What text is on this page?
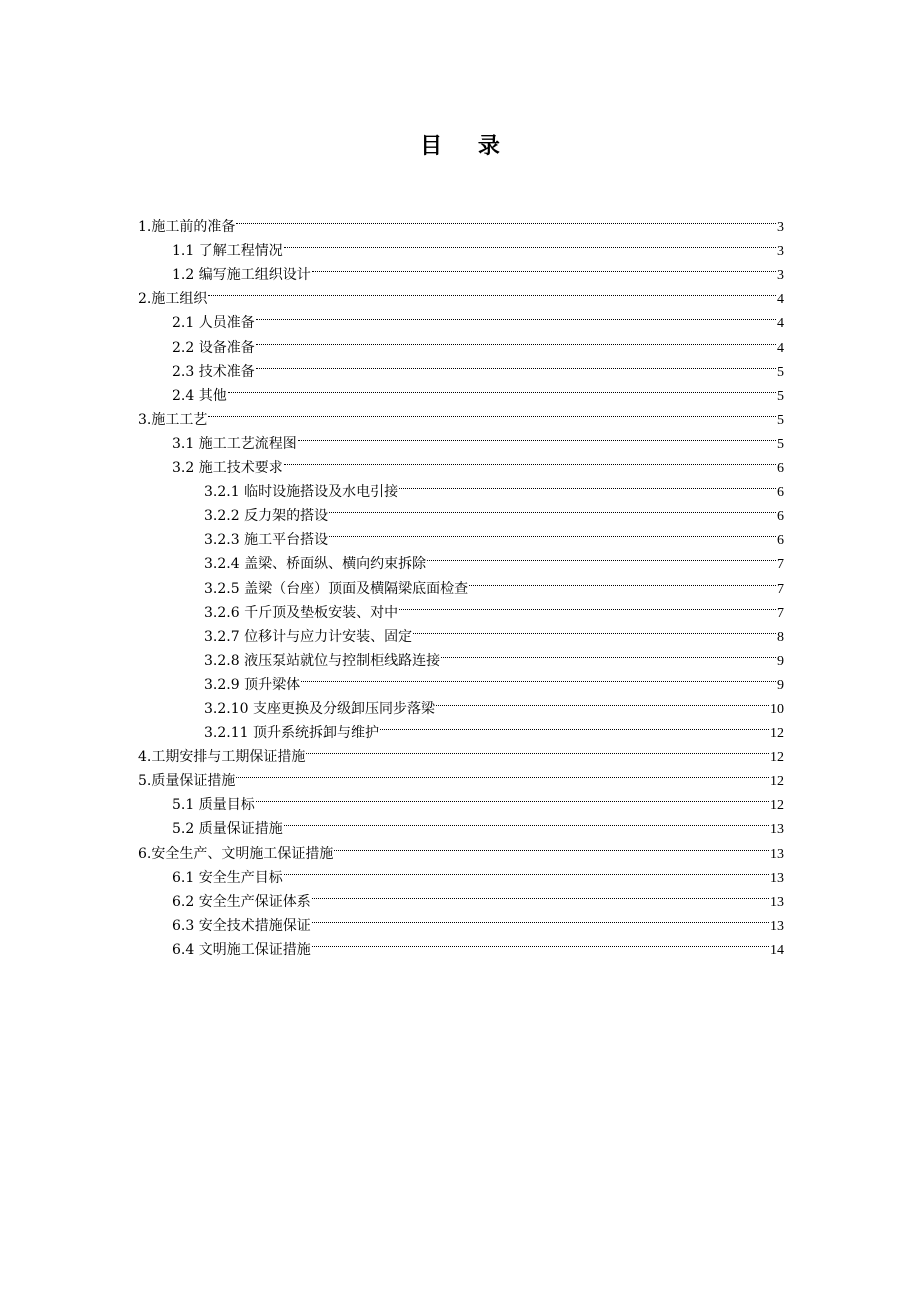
目 录
1.施工前的准备	3
1.1 了解工程情况	3
1.2 编写施工组织设计	3
2.施工组织	4
2.1 人员准备	4
2.2 设备准备	4
2.3 技术准备	5
2.4 其他	5
3.施工工艺	5
3.1 施工工艺流程图	5
3.2 施工技术要求	6
3.2.1 临时设施搭设及水电引接	6
3.2.2 反力架的搭设	6
3.2.3 施工平台搭设	6
3.2.4 盖梁、桥面纵、横向约束拆除	7
3.2.5 盖梁（台座）顶面及横隔梁底面检查	7
3.2.6 千斤顶及垫板安装、对中	7
3.2.7 位移计与应力计安装、固定	8
3.2.8 液压泵站就位与控制柜线路连接	9
3.2.9 顶升梁体	9
3.2.10 支座更换及分级卸压同步落梁	10
3.2.11 顶升系统拆卸与维护	12
4.工期安排与工期保证措施	12
5.质量保证措施	12
5.1 质量目标	12
5.2 质量保证措施	13
6.安全生产、文明施工保证措施	13
6.1 安全生产目标	13
6.2 安全生产保证体系	13
6.3 安全技术措施保证	13
6.4 文明施工保证措施	14
